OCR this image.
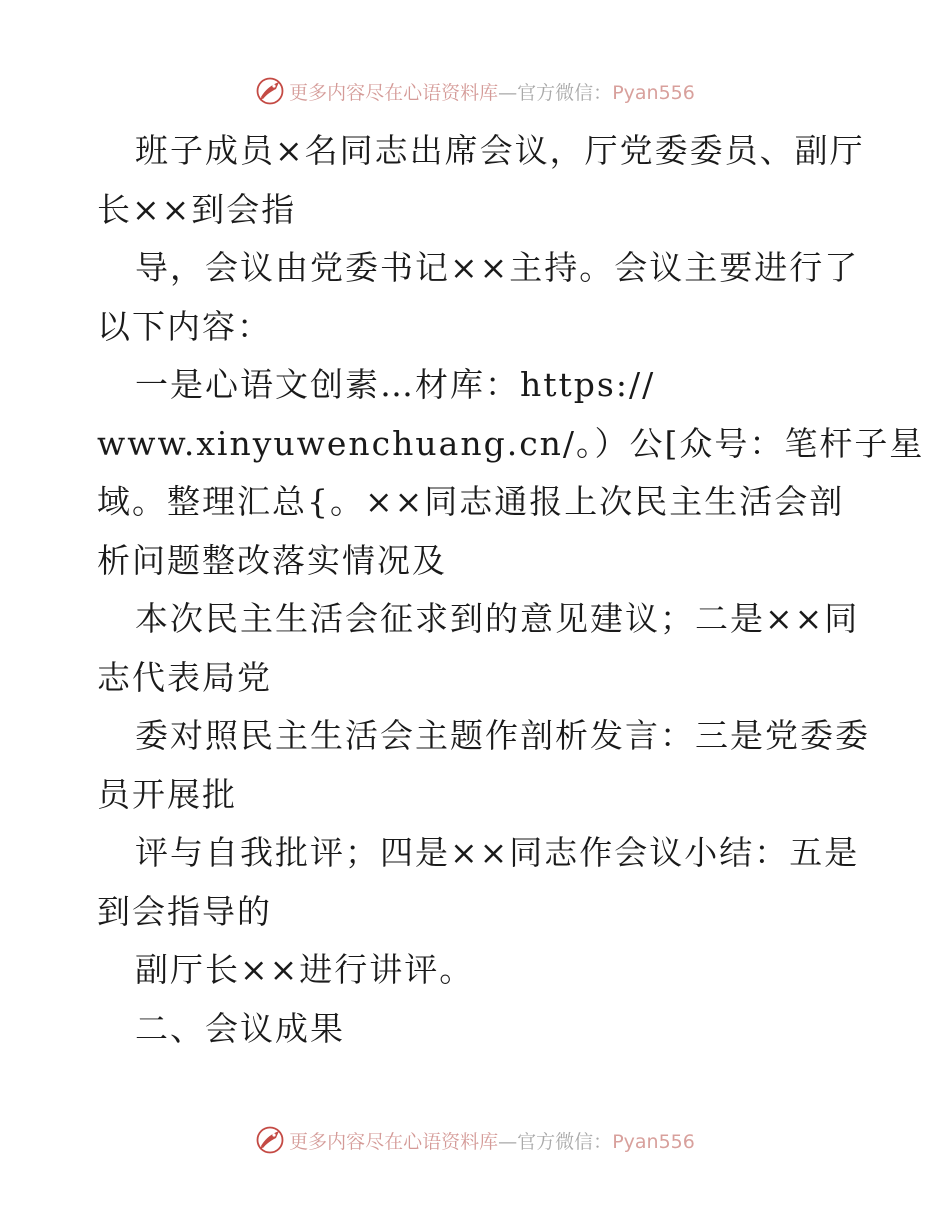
更多内容尽在心语资料库—官方微信：Pyan556
班子成员×名同志出席会议，厅党委委员、副厅
长××到会指
导，会议由党委书记××主持。会议主要进行了
以下内容：
一是心语文创素…材库：https://
www.xinyuwenchuang.cn/。）公[众号：笔杆子星
域。整理汇总{。××同志通报上次民主生活会剖
析问题整改落实情况及
本次民主生活会征求到的意见建议；二是××同
志代表局党
委对照民主生活会主题作剖析发言：三是党委委
员开展批
评与自我批评；四是××同志作会议小结：五是
到会指导的
副厅长××进行讲评。
二、会议成果
更多内容尽在心语资料库—官方微信：Pyan556
